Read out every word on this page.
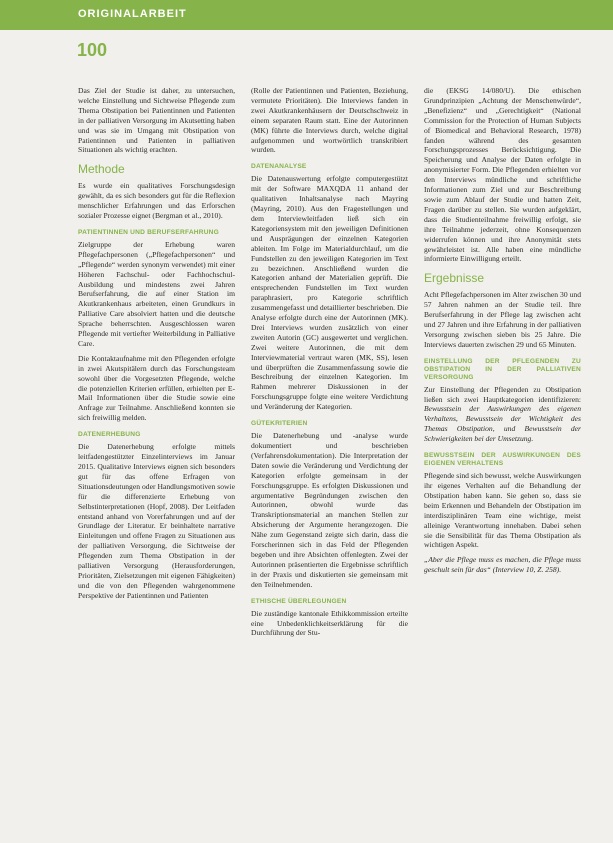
ORIGINALARBEIT
100

Das Ziel der Studie ist daher, zu untersuchen, welche Einstellung und Sichtweise Pflegende zum Thema Obstipation bei Patientinnen und Patienten in der palliativen Versorgung im Akutsetting haben und was sie im Umgang mit Obstipation von Patientinnen und Patienten in palliativen Situationen als wichtig erachten.

Methode

Es wurde ein qualitatives Forschungsdesign gewählt, da es sich besonders gut für die Reflexion menschlicher Erfahrungen und das Erforschen sozialer Prozesse eignet (Bergman et al., 2010).

PATIENTINNEN UND BERUFSERFAHRUNG

Zielgruppe der Erhebung waren Pflegefachpersonen („Pflegefachpersonen“ und „Pflegende“ werden synonym verwendet) mit einer Höheren Fachschul- oder Fachhochschul-Ausbildung und mindestens zwei Jahren Berufserfahrung, die auf einer Station im Akutkrankenhaus arbeiteten, einen Grundkurs in Palliative Care absolviert hatten und die deutsche Sprache beherrschten. Ausgeschlossen waren Pflegende mit vertiefter Weiterbildung in Palliative Care.

Die Kontaktaufnahme mit den Pflegenden erfolgte in zwei Akutspitälern durch das Forschungsteam sowohl über die Vorgesetzten Pflegende, welche die potenziellen Kriterien erfüllen, erhielten per E-Mail Informationen über die Studie sowie eine Anfrage zur Teilnahme. Anschließend konnten sie sich freiwillig melden.

DATENERHEBUNG

Die Datenerhebung erfolgte mittels leitfadengestützter Einzelinterviews im Januar 2015. Qualitative Interviews eignen sich besonders gut für das offene Erfragen von Situationsdeutungen oder Handlungsmotiven sowie für die differenzierte Erhebung von Selbstinterpretationen (Hopf, 2008). Der Leitfaden entstand anhand von Vorerfahrungen und auf der Grundlage der Literatur. Er beinhaltete narrative Einleitungen und offene Fragen zu Situationen aus der palliativen Versorgung, die Sichtweise der Pflegenden zum Thema Obstipation in der palliativen Versorgung (Herausforderungen, Prioritäten, Zielsetzungen mit eigenen Fähigkeiten) und die von den Pflegenden wahrgenommene Perspektive der Patientinnen und Patienten

(Rolle der Patientinnen und Patienten, Beziehung, vermutete Prioritäten). Die Interviews fanden in zwei Akutkrankenhäusern der Deutschschweiz in einem separaten Raum statt. Eine der Autorinnen (MK) führte die Interviews durch, welche digital aufgenommen und wortwörtlich transkribiert wurden.

DATENANALYSE

Die Datenauswertung erfolgte computergestützt mit der Software MAXQDA 11 anhand der qualitativen Inhaltsanalyse nach Mayring (Mayring, 2010). Aus den Fragestellungen und dem Interviewleitfaden ließ sich ein Kategoriensystem mit den jeweiligen Definitionen und Ausprägungen der einzelnen Kategorien ableiten. Im Folge im Materialdurchlauf, um die Fundstellen zu den jeweiligen Kategorien im Text zu bezeichnen. Anschließend wurden die Kategorien anhand der Materialien geprüft. Die entsprechenden Fundstellen im Text wurden paraphrasiert, pro Kategorie schriftlich zusammengefasst und detaillierter beschrieben. Die Analyse erfolgte durch eine der Autorinnen (MK). Drei Interviews wurden zusätzlich von einer zweiten Autorin (GC) ausgewertet und verglichen. Zwei weitere Autorinnen, die mit dem Interviewmaterial vertraut waren (MK, SS), lesen und überprüften die Zusammenfassung sowie die Beschreibung der einzelnen Kategorien. Im Rahmen mehrerer Diskussionen in der Forschungsgruppe folgte eine weitere Verdichtung und Veränderung der Kategorien.

GÜTEKRITERIEN

Die Datenerhebung und -analyse wurde dokumentiert und beschrieben (Verfahrensdokumentation). Die Interpretation der Daten sowie die Veränderung und Verdichtung der Kategorien erfolgte gemeinsam in der Forschungsgruppe. Es erfolgten Diskussionen und argumentative Begründungen zwischen den Autorinnen, obwohl wurde das Transkriptionsmaterial an manchen Stellen zur Absicherung der Argumente herangezogen. Die Nähe zum Gegenstand zeigte sich darin, dass die Forscherinnen sich in das Feld der Pflegenden begeben und ihre Absichten offenlegten. Zwei der Autorinnen präsentierten die Ergebnisse schriftlich in der Praxis und diskutierten sie gemeinsam mit den Teilnehmenden.

ETHISCHE ÜBERLEGUNGEN

Die zuständige kantonale Ethikkommission erteilte eine Unbedenklichkeitserklärung für die Durchführung der Stu-

die (EKSG 14/080/U). Die ethischen Grundprinzipien „Achtung der Menschenwürde“, „Benefizienz“ und „Gerechtigkeit“ (National Commission for the Protection of Human Subjects of Biomedical and Behavioral Research, 1978) fanden während des gesamten Forschungsprozesses Berücksichtigung. Die Speicherung und Analyse der Daten erfolgte in anonymisierter Form. Die Pflegenden erhielten vor den Interviews mündliche und schriftliche Informationen zum Ziel und zur Beschreibung sowie zum Ablauf der Studie und hatten Zeit, Fragen darüber zu stellen. Sie wurden aufgeklärt, dass die Studienteilnahme freiwillig erfolgt, sie ihre Teilnahme jederzeit, ohne Konsequenzen widerrufen können und ihre Anonymität stets gewährleistet ist. Alle haben eine mündliche informierte Einwilligung erteilt.

Ergebnisse

Acht Pflegefachpersonen im Alter zwischen 30 und 57 Jahren nahmen an der Studie teil. Ihre Berufserfahrung in der Pflege lag zwischen acht und 27 Jahren und ihre Erfahrung in der palliativen Versorgung zwischen sieben bis 25 Jahre. Die Interviews dauerten zwischen 29 und 65 Minuten.

EINSTELLUNG DER PFLEGENDEN ZU OBSTIPATION IN DER PALLIATIVEN VERSORGUNG

Zur Einstellung der Pflegenden zu Obstipation ließen sich zwei Hauptkategorien identifizieren: Bewusstsein der Auswirkungen des eigenen Verhaltens, Bewusstsein der Wichtigkeit des Themas Obstipation, und Bewusstsein der Schwierigkeiten bei der Umsetzung.

BEWUSSTSEIN DER AUSWIRKUNGEN DES EIGENEN VERHALTENS

Pflegende sind sich bewusst, welche Auswirkungen ihr eigenes Verhalten auf die Behandlung der Obstipation haben kann. Sie gehen so, dass sie beim Erkennen und Behandeln der Obstipation im interdisziplinären Team eine wichtige, meist alleinige Verantwortung innehaben. Dabei sehen sie die Sensibilität für das Thema Obstipation als wichtigen Aspekt.

„Aber die Pflege muss es machen, die Pflege muss geschult sein für das“ (Interview 10, Z. 258).
